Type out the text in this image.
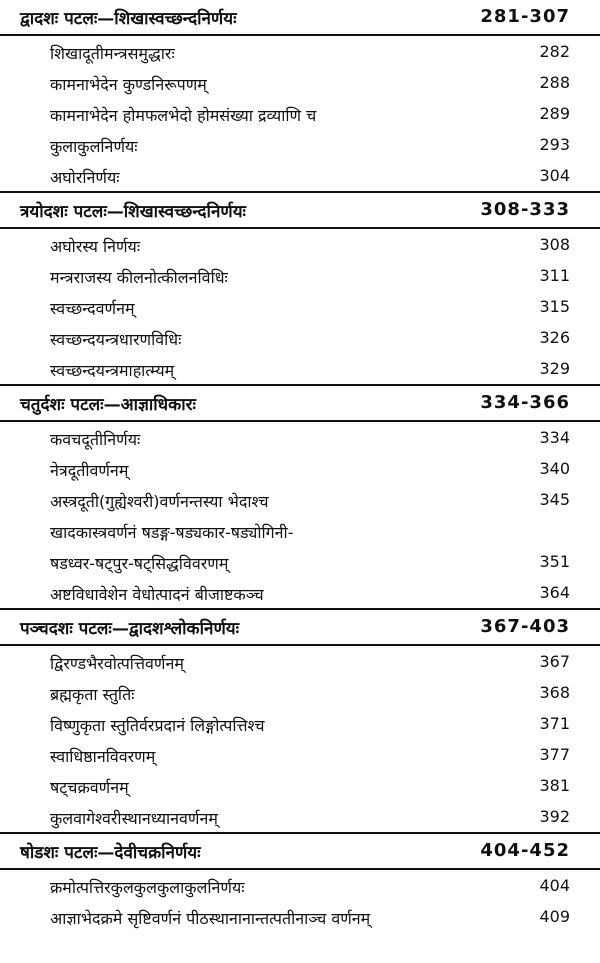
द्वादशः पटलः—शिखास्वच्छन्दनिर्णयः	281-307
शिखादूतीमन्त्रसमुद्धारः	282
कामनाभेदेन कुण्डनिरूपणम्	288
कामनाभेदेन होमफलभेदो होमसंख्या द्रव्याणि च	289
कुलाकुलनिर्णयः	293
अघोरनिर्णयः	304
त्रयोदशः पटलः—शिखास्वच्छन्दनिर्णयः	308-333
अघोरस्य निर्णयः	308
मन्त्रराजस्य कीलनोत्कीलनविधिः	311
स्वच्छन्दवर्णनम्	315
स्वच्छन्दयन्त्रधारणविधिः	326
स्वच्छन्दयन्त्रमाहात्म्यम्	329
चतुर्दशः पटलः—आज्ञाधिकारः	334-366
कवचदूतीनिर्णयः	334
नेत्रदूतीवर्णनम्	340
अस्त्रदूती(गुह्येश्वरी)वर्णनन्तस्या भेदाश्च	345
खादकास्त्रवर्णनं षडङ्ग-षड्यकार-षड्योगिनी-
षडध्वर-षट्पुर-षट्सिद्धविवरणम्	351
अष्टविधावेशेन वेधोत्पादनं बीजाष्टकञ्च	364
पञ्चदशः पटलः—द्वादशश्लोकनिर्णयः	367-403
द्विरण्डभैरवोत्पत्तिवर्णनम्	367
ब्रह्मकृता स्तुतिः	368
विष्णुकृता स्तुतिर्वरप्रदानं लिङ्गोत्पत्तिश्च	371
स्वाधिष्ठानविवरणम्	377
षट्चक्रवर्णनम्	381
कुलवागेश्वरीस्थानध्यानवर्णनम्	392
षोडशः पटलः—देवीचक्रनिर्णयः	404-452
क्रमोत्पत्तिरकुलकुलकुलाकुलनिर्णयः	404
आज्ञाभेदक्रमे सृष्टिवर्णनं पीठस्थानानान्तत्पतीनाञ्च वर्णनम्	409
